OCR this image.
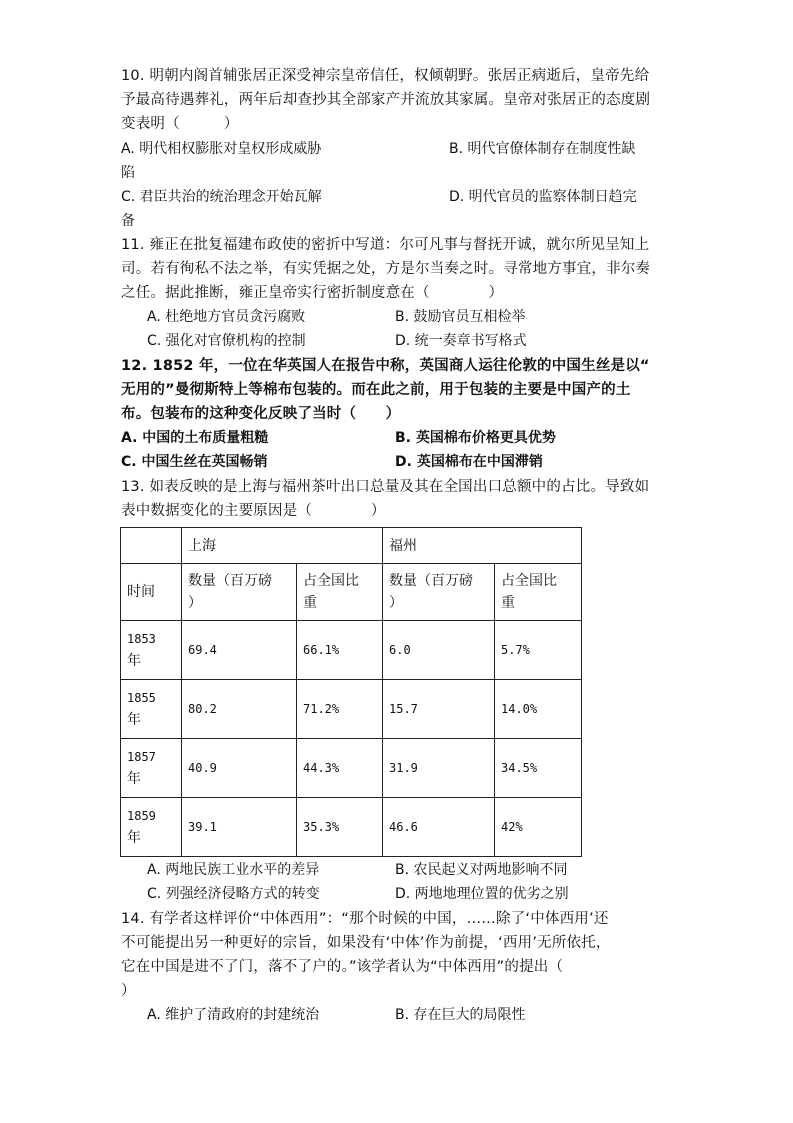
10. 明朝内阁首辅张居正深受神宗皇帝信任，权倾朝野。张居正病逝后，皇帝先给
予最高待遇葬礼，两年后却查抄其全部家产并流放其家属。皇帝对张居正的态度剧
变表明（　　　）
A. 明代相权膨胀对皇权形成威胁	B. 明代官僚体制存在制度性缺
陷
C. 君臣共治的统治理念开始瓦解	D. 明代官员的监察体制日趋完
备
11. 雍正在批复福建布政使的密折中写道：尔可凡事与督抚开诚，就尔所见呈知上
司。若有徇私不法之举，有实凭据之处，方是尔当奏之时。寻常地方事宜，非尔奏
之任。据此推断，雍正皇帝实行密折制度意在（　　　　）
A. 杜绝地方官员贪污腐败	B. 鼓励官员互相检举
C. 强化对官僚机构的控制	D. 统一奏章书写格式
12. 1852 年，一位在华英国人在报告中称，英国商人运往伦敦的中国生丝是以“
无用的”曼彻斯特上等棉布包装的。而在此之前，用于包装的主要是中国产的土
布。包装布的这种变化反映了当时（　　）
A. 中国的土布质量粗糙	B. 英国棉布价格更具优势
C. 中国生丝在英国畅销	D. 英国棉布在中国滞销
13. 如表反映的是上海与福州茶叶出口总量及其在全国出口总额中的占比。导致如
表中数据变化的主要原因是（　　　　）
	上海		福州	
时间	数量（百万磅
）	占全国比
重	数量（百万磅
）	占全国比
重
1853
年	69.4	66.1%	6.0	5.7%
1855
年	80.2	71.2%	15.7	14.0%
1857
年	40.9	44.3%	31.9	34.5%
1859
年	39.1	35.3%	46.6	42%
A. 两地民族工业水平的差异	B. 农民起义对两地影响不同
C. 列强经济侵略方式的转变	D. 两地地理位置的优劣之别
14. 有学者这样评价“中体西用”：“那个时候的中国，……除了‘中体西用’还
不可能提出另一种更好的宗旨，如果没有‘中体’作为前提，‘西用’无所依托，
它在中国是进不了门，落不了户的。”该学者认为“中体西用”的提出（
）
A. 维护了清政府的封建统治	B. 存在巨大的局限性
